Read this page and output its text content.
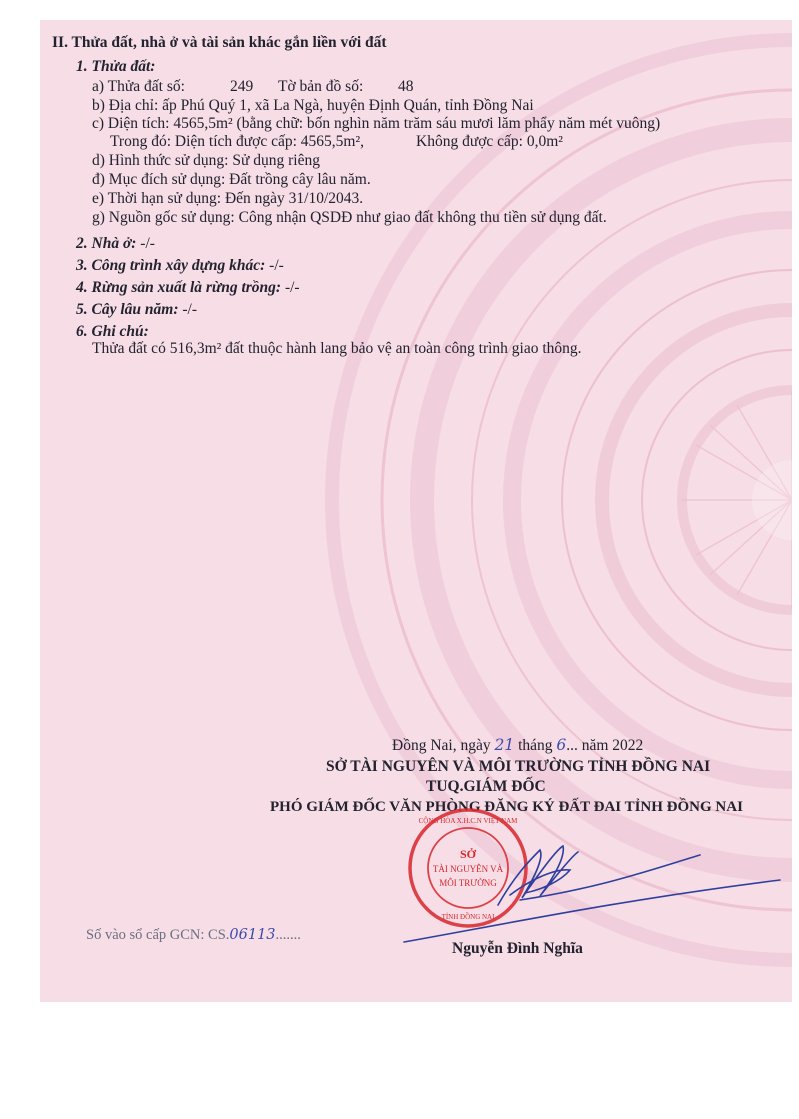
II. Thửa đất, nhà ở và tài sản khác gắn liền với đất
1. Thửa đất:
a) Thửa đất số:	249 Tờ bản đồ số: 48
b) Địa chỉ: ấp Phú Quý 1, xã La Ngà, huyện Định Quán, tỉnh Đồng Nai
c) Diện tích: 4565,5m² (bằng chữ: bốn nghìn năm trăm sáu mươi lăm phẩy năm mét vuông)
Trong đó: Diện tích được cấp: 4565,5m²,	Không được cấp: 0,0m²
d) Hình thức sử dụng: Sử dụng riêng
đ) Mục đích sử dụng: Đất trồng cây lâu năm.
e) Thời hạn sử dụng: Đến ngày 31/10/2043.
g) Nguồn gốc sử dụng: Công nhận QSDĐ như giao đất không thu tiền sử dụng đất.
2. Nhà ở: -/-
3. Công trình xây dựng khác: -/-
4. Rừng sản xuất là rừng trồng: -/-
5. Cây lâu năm: -/-
6. Ghi chú:
Thửa đất có 516,3m² đất thuộc hành lang bảo vệ an toàn công trình giao thông.
Đồng Nai, ngày 21 tháng 6... năm 2022
SỞ TÀI NGUYÊN VÀ MÔI TRƯỜNG TỈNH ĐỒNG NAI
TUQ.GIÁM ĐỐC
PHÓ GIÁM ĐỐC VĂN PHÒNG ĐĂNG KÝ ĐẤT ĐAI TỈNH ĐỒNG NAI
Số vào sổ cấp GCN: CS.06113.......
Nguyễn Đình Nghĩa
SỞ
TÀI NGUYÊN VÀ
MÔI TRƯỜNG
CỘNG HÒA X.H.C.N VIỆT NAM
TỈNH ĐỒNG NAI
